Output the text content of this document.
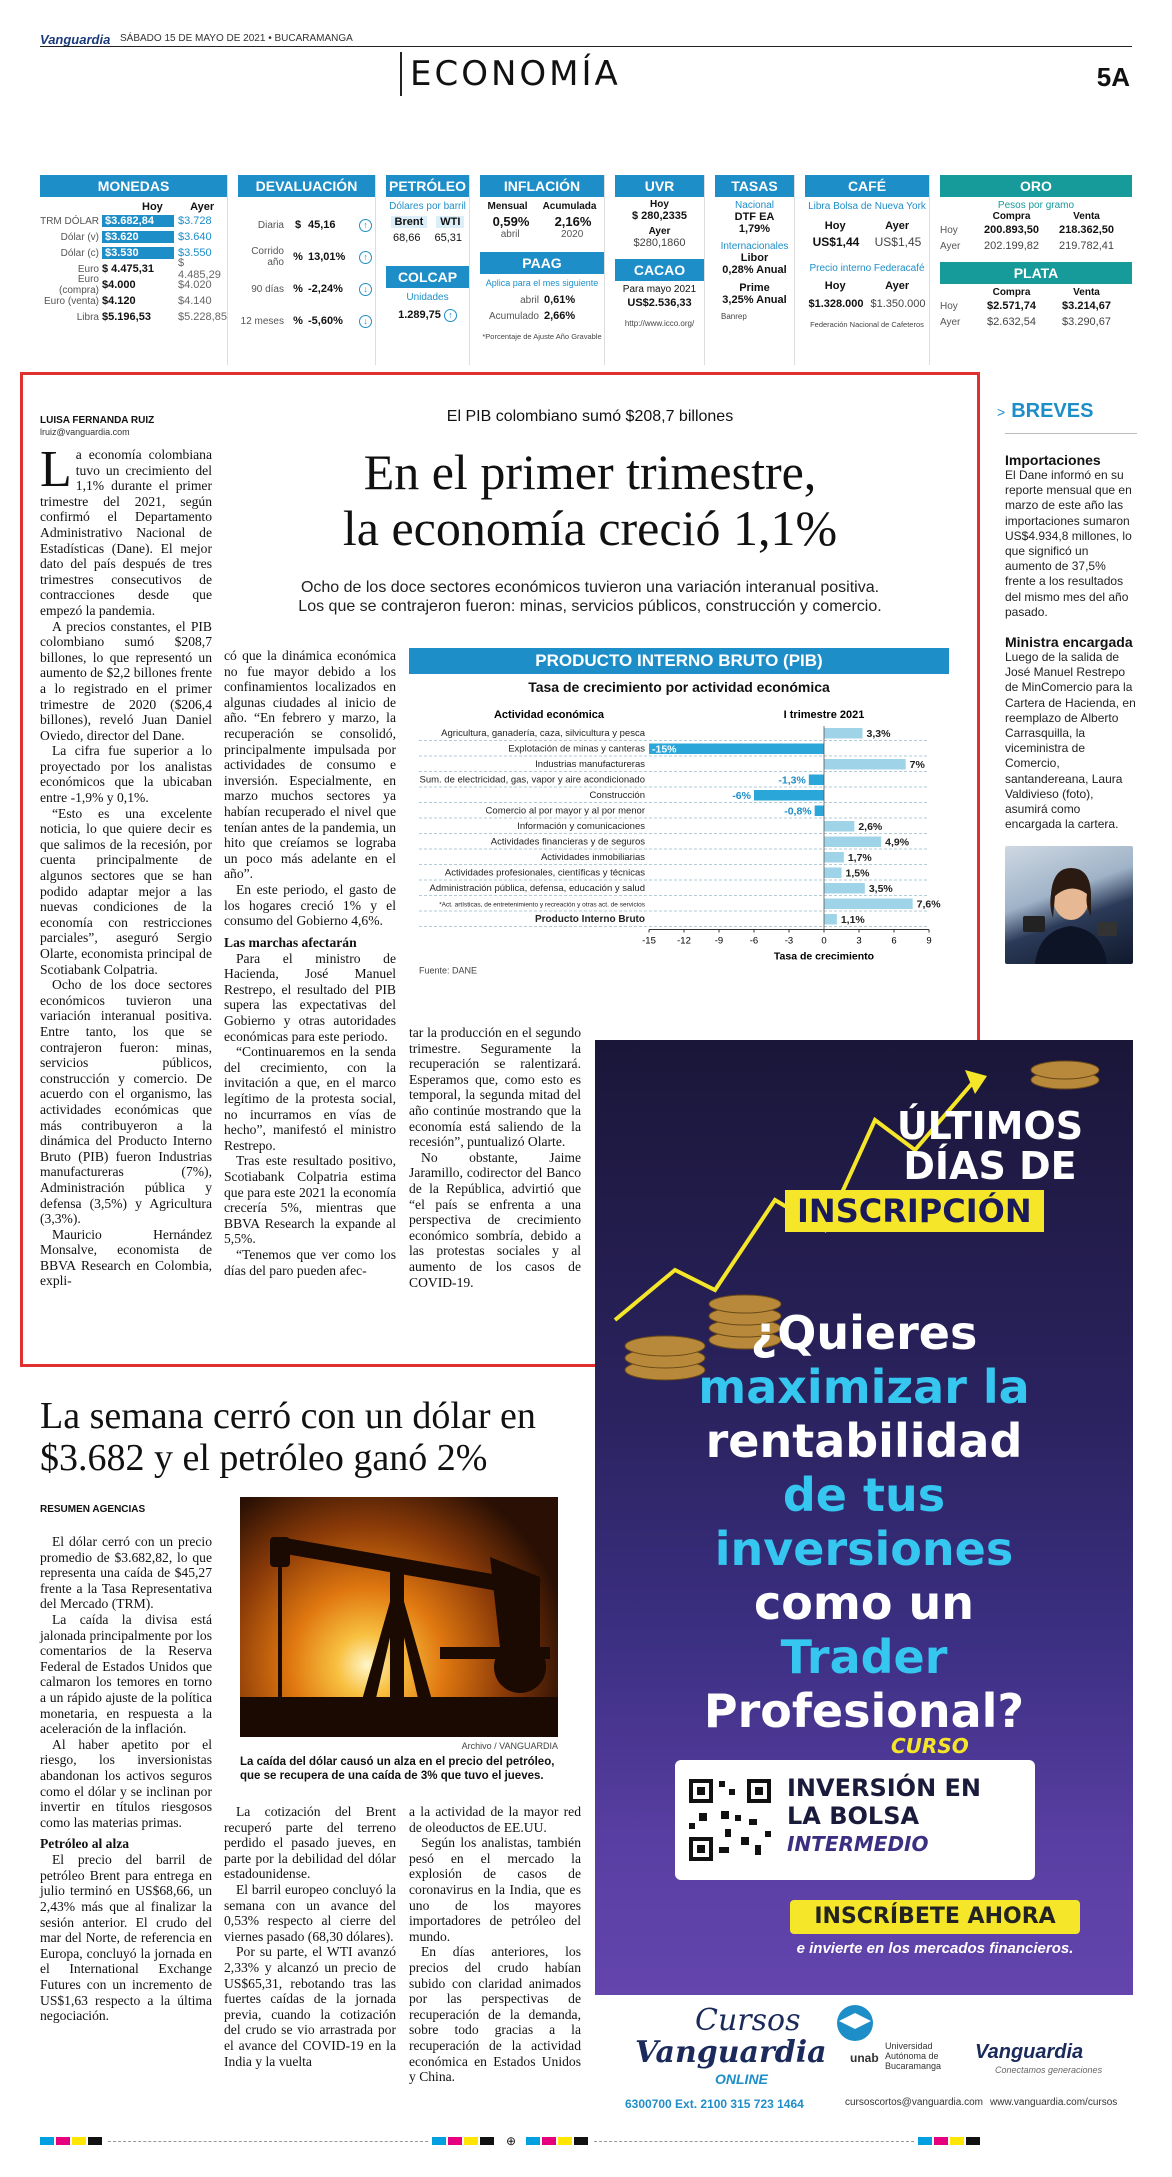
Vanguardia SÁBADO 15 DE MAYO DE 2021 • BUCARAMANGA
ECONOMÍA	5A
MONEDAS
Hoy	Ayer
TRM DÓLAR $3.682,84	$3.728
Dólar (v) $3.620	$3.640
Dólar (c) $3.530	$3.550
Euro $ 4.475,31	$ 4.485,29
Euro (compra) $4.000	$4.020
Euro (venta) $4.120	$4.140
Libra $5.196,53	$5.228,85
DEVALUACIÓN
Diaria $ 45,16	↑
Corrido año % 13,01%	↑
90 días % -2,24%	↓
12 meses % -5,60%	↓
PETRÓLEO
Dólares por barril
Brent	WTI
68,66 65,31
COLCAP
Unidades
1.289,75 ↑
INFLACIÓN
Mensual Acumulada
0,59% 2,16%
abril	2020
PAAG
Aplica para el mes siguiente
abril 0,61%
Acumulado 2,66%
*Porcentaje de Ajuste Año Gravable
UVR
Hoy
$ 280,2335
Ayer
$280,1860
CACAO
Para mayo 2021
US$2.536,33
http://www.icco.org/
TASAS
Nacional
DTF EA
1,79%
Internacionales
Libor
0,28% Anual
Prime
3,25% Anual
Banrep
CAFÉ
Libra Bolsa de Nueva York
Hoy	Ayer
US$1,44 US$1,45
Precio interno Federacafé
Hoy	Ayer
$1.328.000 $1.350.000
Federación Nacional de Cafeteros
ORO
Pesos por gramo
Compra	Venta
Hoy	200.893,50	218.362,50
Ayer	202.199,82	219.782,41
PLATA
Compra	Venta
Hoy	$2.571,74	$3.214,67
Ayer	$2.632,54	$3.290,67
LUISA FERNANDA RUIZ
lruiz@vanguardia.com
El PIB colombiano sumó $208,7 billones
En el primer trimestre,
la economía creció 1,1%
Ocho de los doce sectores económicos tuvieron una variación interanual positiva.
Los que se contrajeron fueron: minas, servicios públicos, construcción y comercio.

La economía colombiana tuvo un crecimiento del 1,1% durante el primer trimestre del 2021, según confirmó el Departamento Administrativo Nacional de Estadísticas (Dane). El mejor dato del país después de tres trimestres consecutivos de contracciones desde que empezó la pandemia.

A precios constantes, el PIB colombiano sumó $208,7 billones, lo que representó un aumento de $2,2 billones frente a lo registrado en el primer trimestre de 2020 ($206,4 billones), reveló Juan Daniel Oviedo, director del Dane.

La cifra fue superior a lo proyectado por los analistas económicos que la ubicaban entre -1,9% y 0,1%.

“Esto es una excelente noticia, lo que quiere decir es que salimos de la recesión, por cuenta principalmente de algunos sectores que se han podido adaptar mejor a las nuevas condiciones de la economía con restricciones parciales”, aseguró Sergio Olarte, economista principal de Scotiabank Colpatria.

Ocho de los doce sectores económicos tuvieron una variación interanual positiva. Entre tanto, los que se contrajeron fueron: minas, servicios públicos, construcción y comercio. De acuerdo con el organismo, las actividades económicas que más contribuyeron a la dinámica del Producto Interno Bruto (PIB) fueron Industrias manufactureras (7%), Administración pública y defensa (3,5%) y Agricultura (3,3%).

Mauricio Hernández Monsalve, economista de BBVA Research en Colombia, expli-

có que la dinámica económica no fue mayor debido a los confinamientos localizados en algunas ciudades al inicio de año. “En febrero y marzo, la recuperación se consolidó, principalmente impulsada por actividades de consumo e inversión. Especialmente, en marzo muchos sectores ya habían recuperado el nivel que tenían antes de la pandemia, un hito que creíamos se lograba un poco más adelante en el año”.

En este periodo, el gasto de los hogares creció 1% y el consumo del Gobierno 4,6%.

Las marchas afectarán

Para el ministro de Hacienda, José Manuel Restrepo, el resultado del PIB supera las expectativas del Gobierno y otras autoridades económicas para este periodo.

“Continuaremos en la senda del crecimiento, con la invitación a que, en el marco legítimo de la protesta social, no incurramos en vías de hecho”, manifestó el ministro Restrepo.

Tras este resultado positivo, Scotiabank Colpatria estima que para este 2021 la economía crecería 5%, mientras que BBVA Research la expande al 5,5%.

“Tenemos que ver como los días del paro pueden afec-

tar la producción en el segundo trimestre. Seguramente la recuperación se ralentizará. Esperamos que, como esto es temporal, la segunda mitad del año continúe mostrando que la economía está saliendo de la recesión”, puntualizó Olarte.

No obstante, Jaime Jaramillo, codirector del Banco de la República, advirtió que “el país se enfrenta a una perspectiva de crecimiento económico sombría, debido a las protestas sociales y al aumento de los casos de COVID-19.

PRODUCTO INTERNO BRUTO (PIB)
Tasa de crecimiento por actividad económica
Actividad económica	I trimestre 2021
Agricultura, ganadería, caza, silvicultura y pesca	3,3%
Explotación de minas y canteras -15%
Industrias manufactureras	7%
Sum. de electricidad, gas, vapor y aire acondicionado	-1,3%
Construcción	-6%
Comercio al por mayor y al por menor	-0,8%
Información y comunicaciones	2,6%
Actividades financieras y de seguros	4,9%
Actividades inmobiliarias	1,7%
Actividades profesionales, científicas y técnicas	1,5%
Administración pública, defensa, educación y salud	3,5%
*Act. artísticas, de entretenimiento y recreación y otras act. de servicios	7,6%
Producto Interno Bruto	1,1%
-15 -12	-9	-6	-3	0	3	6	9
Tasa de crecimiento
Fuente: DANE
> BREVES
Importaciones
El Dane informó en su reporte mensual que en marzo de este año las importaciones sumaron US$4.934,8 millones, lo que significó un aumento de 37,5% frente a los resultados del mismo mes del año pasado.
Ministra encargada
Luego de la salida de José Manuel Restrepo de MinComercio para la Cartera de Hacienda, en reemplazo de Alberto Carrasquilla, la viceministra de Comercio, santandereana, Laura Valdivieso (foto), asumirá como encargada la cartera.
ÚLTIMOS
DÍAS DE
INSCRIPCIÓN
¿Quieres
maximizar la
rentabilidad
de tus
inversiones
como un
Trader
Profesional?
CURSO
INVERSIÓN EN
LA BOLSA
INTERMEDIO
INSCRÍBETE AHORA
e invierte en los mercados financieros.
Cursos
Vanguardia
ONLINE
6300700 Ext. 2100 315 723 1464
unab
Universidad Autónoma de Bucaramanga
Vanguardia
Conectamos generaciones
cursoscortos@vanguardia.com www.vanguardia.com/cursos
La semana cerró con un dólar en
$3.682 y el petróleo ganó 2%
RESUMEN AGENCIAS
Archivo / VANGUARDIA
La caída del dólar causó un alza en el precio del petróleo, que se recupera de una caída de 3% que tuvo el jueves.

El dólar cerró con un precio promedio de $3.682,82, lo que representa una caída de $45,27 frente a la Tasa Representativa del Mercado (TRM).

La caída la divisa está jalonada principalmente por los comentarios de la Reserva Federal de Estados Unidos que calmaron los temores en torno a un rápido ajuste de la política monetaria, en respuesta a la aceleración de la inflación.

Al haber apetito por el riesgo, los inversionistas abandonan los activos seguros como el dólar y se inclinan por invertir en títulos riesgosos como las materias primas.

Petróleo al alza

El precio del barril de petróleo Brent para entrega en julio terminó en US$68,66, un 2,43% más que al finalizar la sesión anterior. El crudo del mar del Norte, de referencia en Europa, concluyó la jornada en el International Exchange Futures con un incremento de US$1,63 respecto a la última negociación.

La cotización del Brent recuperó parte del terreno perdido el pasado jueves, en parte por la debilidad del dólar estadounidense.

El barril europeo concluyó la semana con un avance del 0,53% respecto al cierre del viernes pasado (68,30 dólares).

Por su parte, el WTI avanzó 2,33% y alcanzó un precio de US$65,31, rebotando tras las fuertes caídas de la jornada previa, cuando la cotización del crudo se vio arrastrada por el avance del COVID-19 en la India y la vuelta

a la actividad de la mayor red de oleoductos de EE.UU.

Según los analistas, también pesó en el mercado la explosión de casos de coronavirus en la India, que es uno de los mayores importadores de petróleo del mundo.

En días anteriores, los precios del crudo habían subido con claridad animados por las perspectivas de recuperación de la demanda, sobre todo gracias a la recuperación de la actividad económica en Estados Unidos y China.

⊕
